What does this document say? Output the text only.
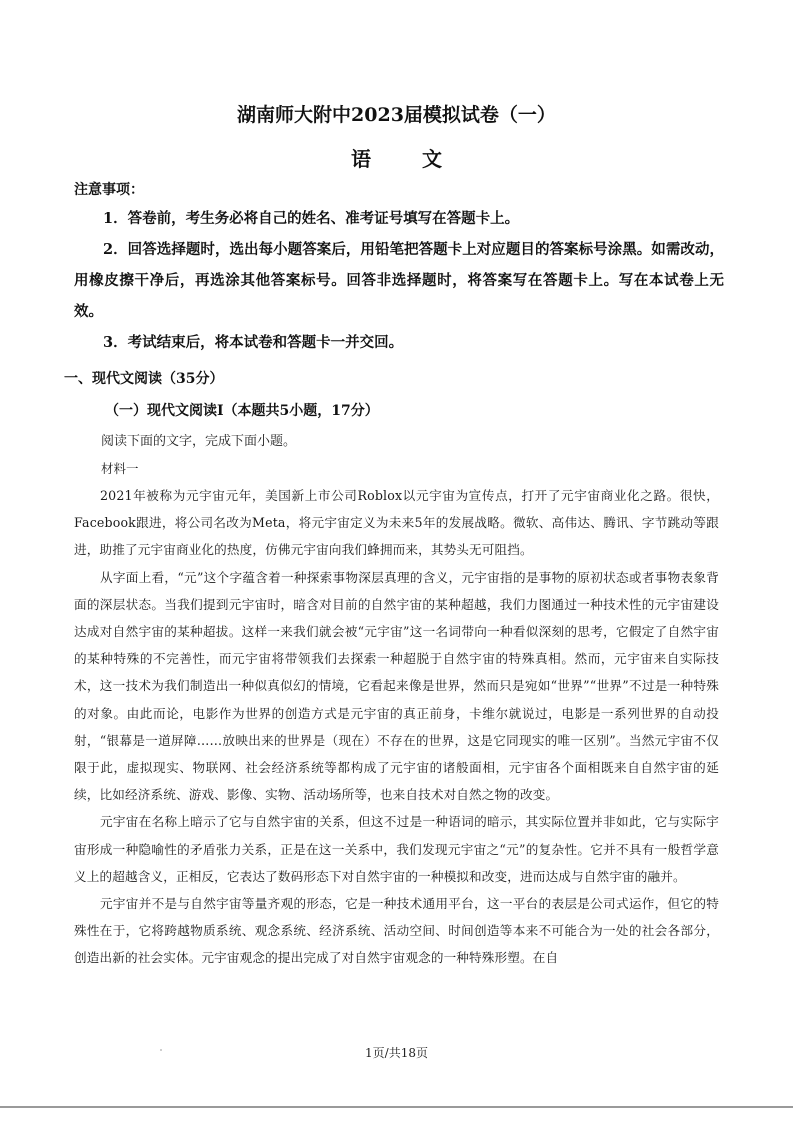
湖南师大附中2023届模拟试卷（一）
语 文
注意事项：

1．答卷前，考生务必将自己的姓名、准考证号填写在答题卡上。

2．回答选择题时，选出每小题答案后，用铅笔把答题卡上对应题目的答案标号涂黑。如需改动，用橡皮擦干净后，再选涂其他答案标号。回答非选择题时，将答案写在答题卡上。写在本试卷上无效。

3．考试结束后，将本试卷和答题卡一并交回。

一、现代文阅读（35分）
（一）现代文阅读Ⅰ（本题共5小题，17分）
阅读下面的文字，完成下面小题。
材料一

2021年被称为元宇宙元年，美国新上市公司Roblox以元宇宙为宣传点，打开了元宇宙商业化之路。很快，Facebook跟进，将公司名改为Meta，将元宇宙定义为未来5年的发展战略。微软、高伟达、腾讯、字节跳动等跟进，助推了元宇宙商业化的热度，仿佛元宇宙向我们蜂拥而来，其势头无可阻挡。

从字面上看，“元”这个字蕴含着一种探索事物深层真理的含义，元宇宙指的是事物的原初状态或者事物表象背面的深层状态。当我们提到元宇宙时，暗含对目前的自然宇宙的某种超越，我们力图通过一种技术性的元宇宙建设达成对自然宇宙的某种超拔。这样一来我们就会被“元宇宙”这一名词带向一种看似深刻的思考，它假定了自然宇宙的某种特殊的不完善性，而元宇宙将带领我们去探索一种超脱于自然宇宙的特殊真相。然而，元宇宙来自实际技术，这一技术为我们制造出一种似真似幻的情境，它看起来像是世界，然而只是宛如“世界”“世界”不过是一种特殊的对象。由此而论，电影作为世界的创造方式是元宇宙的真正前身，卡维尔就说过，电影是一系列世界的自动投射，“银幕是一道屏障……放映出来的世界是（现在）不存在的世界，这是它同现实的唯一区别”。当然元宇宙不仅限于此，虚拟现实、物联网、社会经济系统等都构成了元宇宙的诸般面相，元宇宙各个面相既来自自然宇宙的延续，比如经济系统、游戏、影像、实物、活动场所等，也来自技术对自然之物的改变。

元宇宙在名称上暗示了它与自然宇宙的关系，但这不过是一种语词的暗示，其实际位置并非如此，它与实际宇宙形成一种隐喻性的矛盾张力关系，正是在这一关系中，我们发现元宇宙之“元”的复杂性。它并不具有一般哲学意义上的超越含义，正相反，它表达了数码形态下对自然宇宙的一种模拟和改变，进而达成与自然宇宙的融并。

元宇宙并不是与自然宇宙等量齐观的形态，它是一种技术通用平台，这一平台的表层是公司式运作，但它的特殊性在于，它将跨越物质系统、观念系统、经济系统、活动空间、时间创造等本来不可能合为一处的社会各部分，创造出新的社会实体。元宇宙观念的提出完成了对自然宇宙观念的一种特殊形塑。在自

1页/共18页
